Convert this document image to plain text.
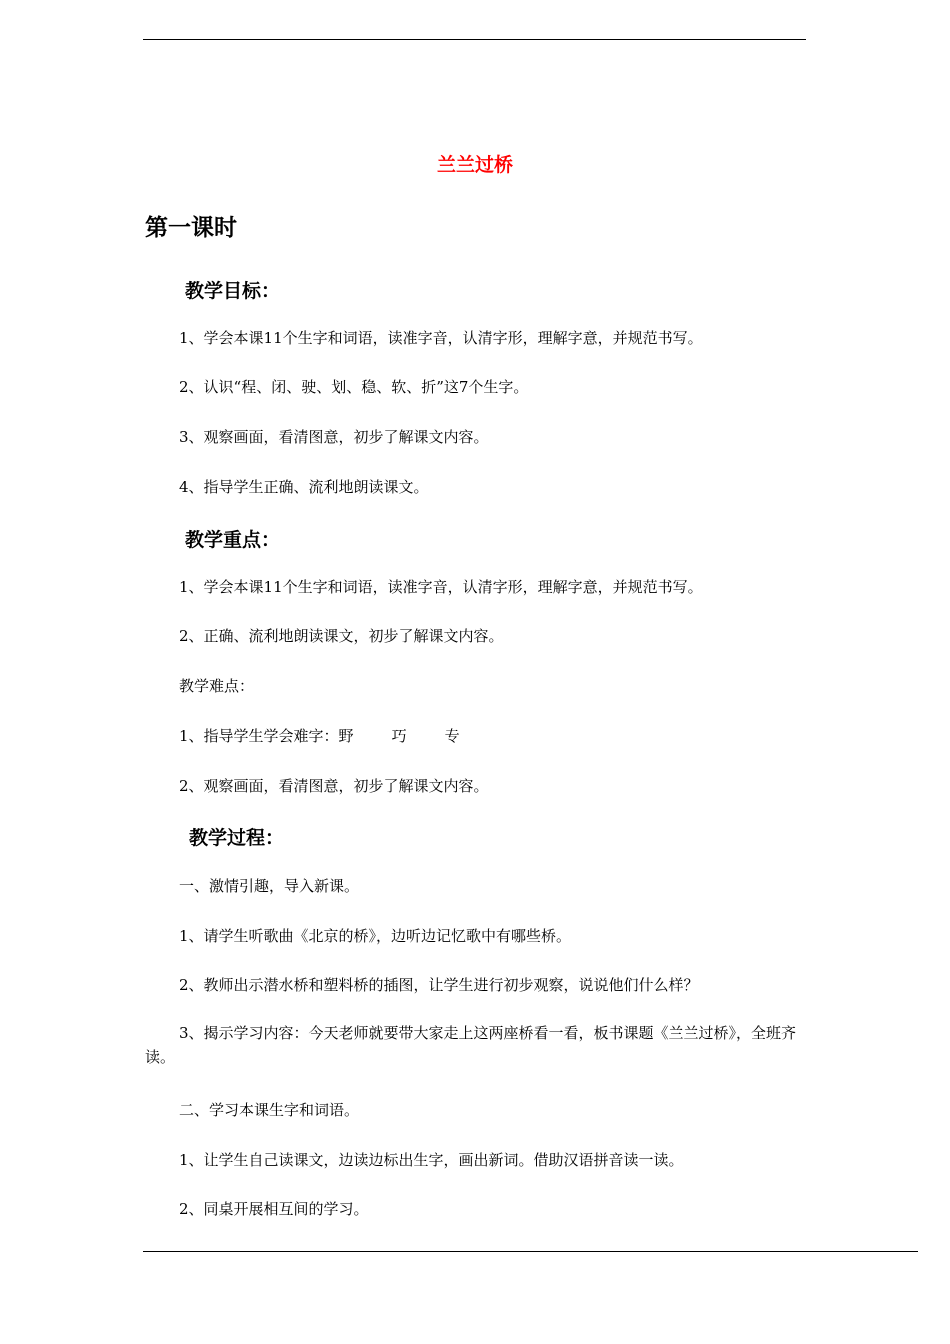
兰兰过桥
第一课时
教学目标：
1、学会本课11个生字和词语，读准字音，认清字形，理解字意，并规范书写。
2、认识“程、闭、驶、划、稳、软、折”这7个生字。
3、观察画面，看清图意，初步了解课文内容。
4、指导学生正确、流利地朗读课文。
教学重点：
1、学会本课11个生字和词语，读准字音，认清字形，理解字意，并规范书写。
2、正确、流利地朗读课文，初步了解课文内容。
教学难点：
1、指导学生学会难字：野	巧	专
2、观察画面，看清图意，初步了解课文内容。
教学过程：
一、激情引趣，导入新课。
1、请学生听歌曲《北京的桥》，边听边记忆歌中有哪些桥。
2、教师出示潜水桥和塑料桥的插图，让学生进行初步观察，说说他们什么样？
3、揭示学习内容：今天老师就要带大家走上这两座桥看一看，板书课题《兰兰过桥》，全班齐读。
二、学习本课生字和词语。
1、让学生自己读课文，边读边标出生字，画出新词。借助汉语拼音读一读。
2、同桌开展相互间的学习。
